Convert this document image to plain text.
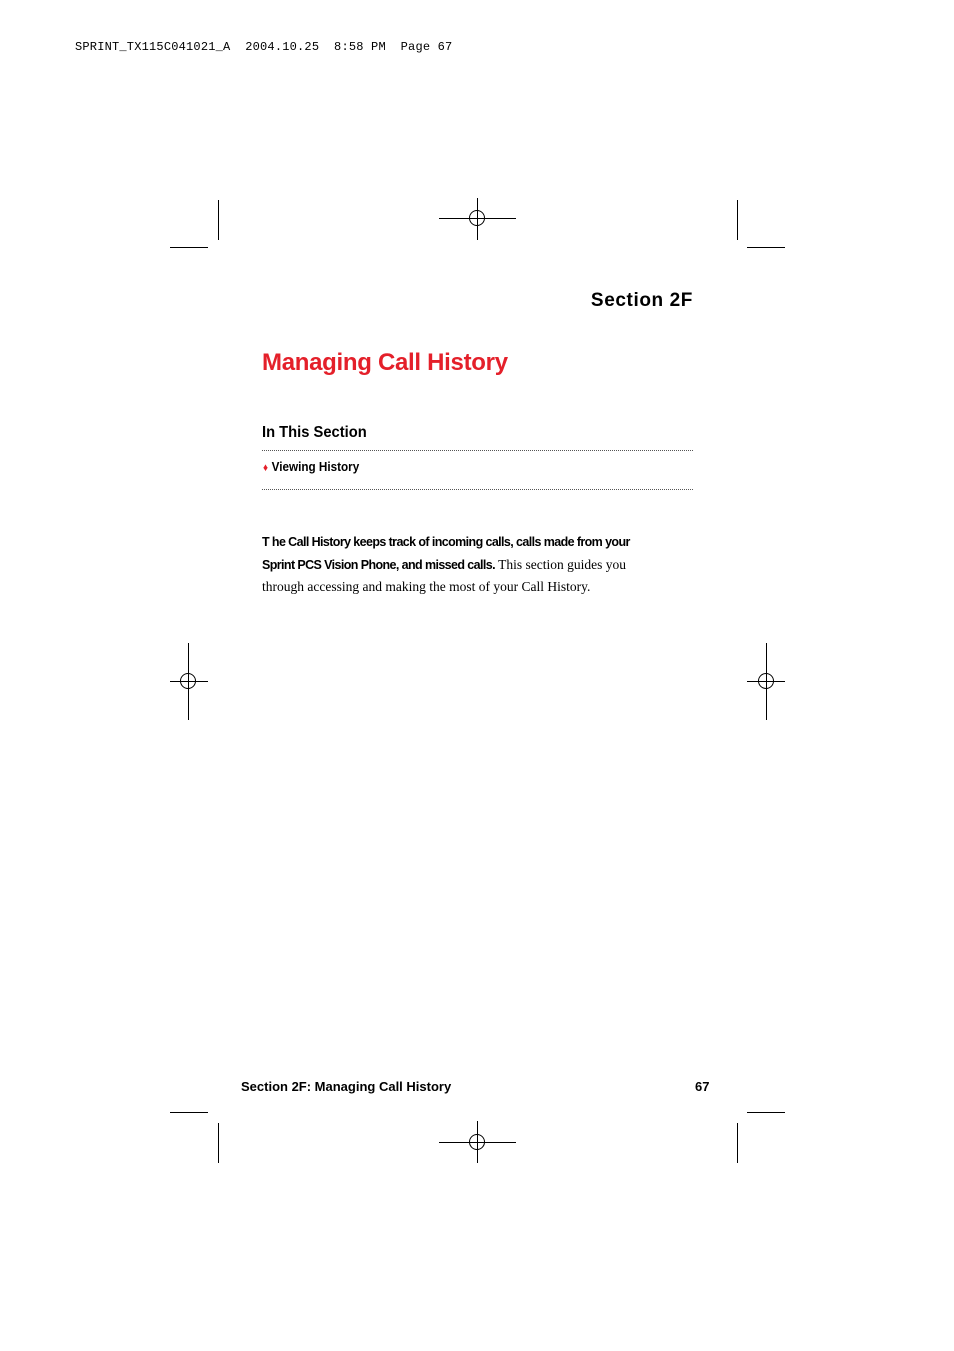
SPRINT_TX115C041021_A  2004.10.25  8:58 PM  Page 67
Section 2F
Managing Call History
In This Section
♦ Viewing History

T he Call History keeps track of incoming calls, calls made from your Sprint PCS Vision Phone, and missed calls. This section guides you through accessing and making the most of your Call History.

Section 2F: Managing Call History	67
